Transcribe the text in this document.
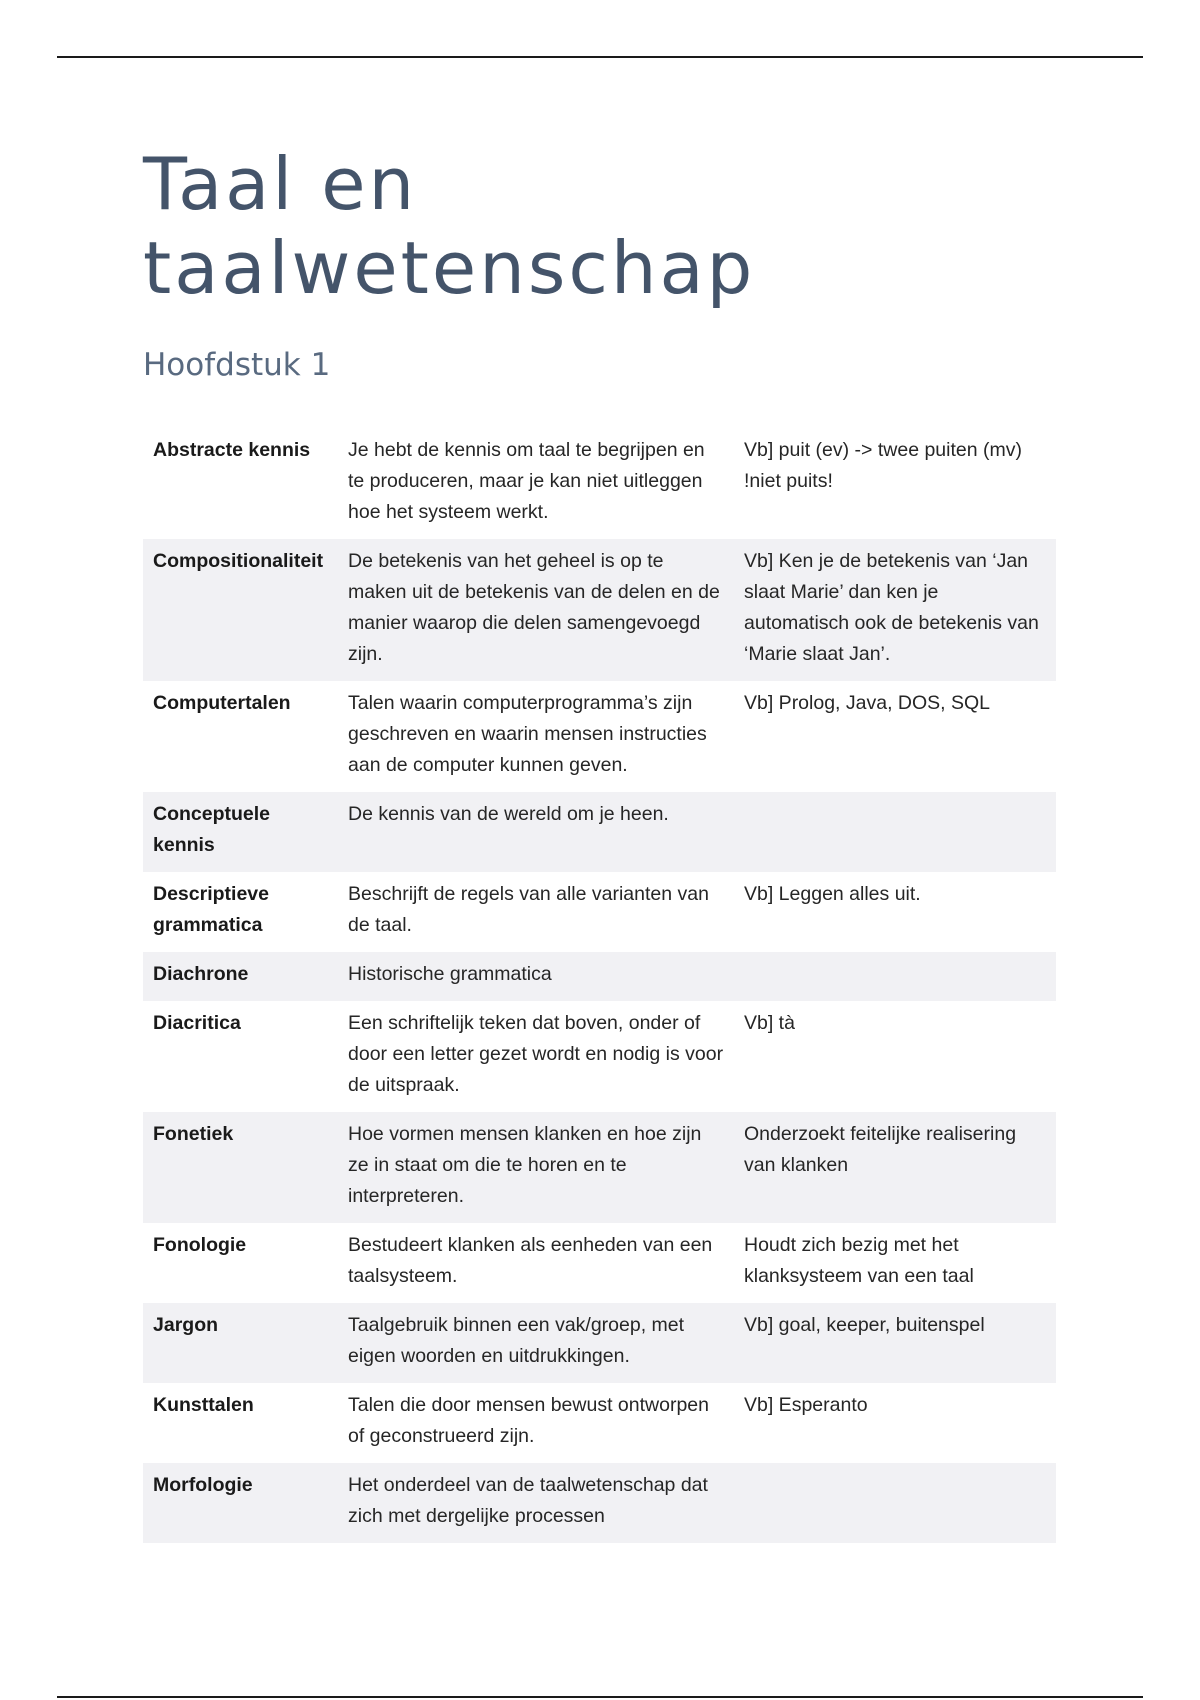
Taal en taalwetenschap
Hoofdstuk 1
Abstracte kennis	Je hebt de kennis om taal te begrijpen en te produceren, maar je kan niet uitleggen hoe het systeem werkt.	Vb] puit (ev) -> twee puiten (mv) !niet puits!
Compositionaliteit	De betekenis van het geheel is op te maken uit de betekenis van de delen en de manier waarop die delen samengevoegd zijn.	Vb] Ken je de betekenis van ‘Jan slaat Marie’ dan ken je automatisch ook de betekenis van ‘Marie slaat Jan’.
Computertalen	Talen waarin computerprogramma’s zijn geschreven en waarin mensen instructies aan de computer kunnen geven.	Vb] Prolog, Java, DOS, SQL
Conceptuele kennis	De kennis van de wereld om je heen.	
Descriptieve grammatica	Beschrijft de regels van alle varianten van de taal.	Vb] Leggen alles uit.
Diachrone	Historische grammatica	
Diacritica	Een schriftelijk teken dat boven, onder of door een letter gezet wordt en nodig is voor de uitspraak.	Vb] tà
Fonetiek	Hoe vormen mensen klanken en hoe zijn ze in staat om die te horen en te interpreteren.	Onderzoekt feitelijke realisering van klanken
Fonologie	Bestudeert klanken als eenheden van een taalsysteem.	Houdt zich bezig met het klanksysteem van een taal
Jargon	Taalgebruik binnen een vak/groep, met eigen woorden en uitdrukkingen.	Vb] goal, keeper, buitenspel
Kunsttalen	Talen die door mensen bewust ontworpen of geconstrueerd zijn.	Vb] Esperanto
Morfologie	Het onderdeel van de taalwetenschap dat zich met dergelijke processen	
